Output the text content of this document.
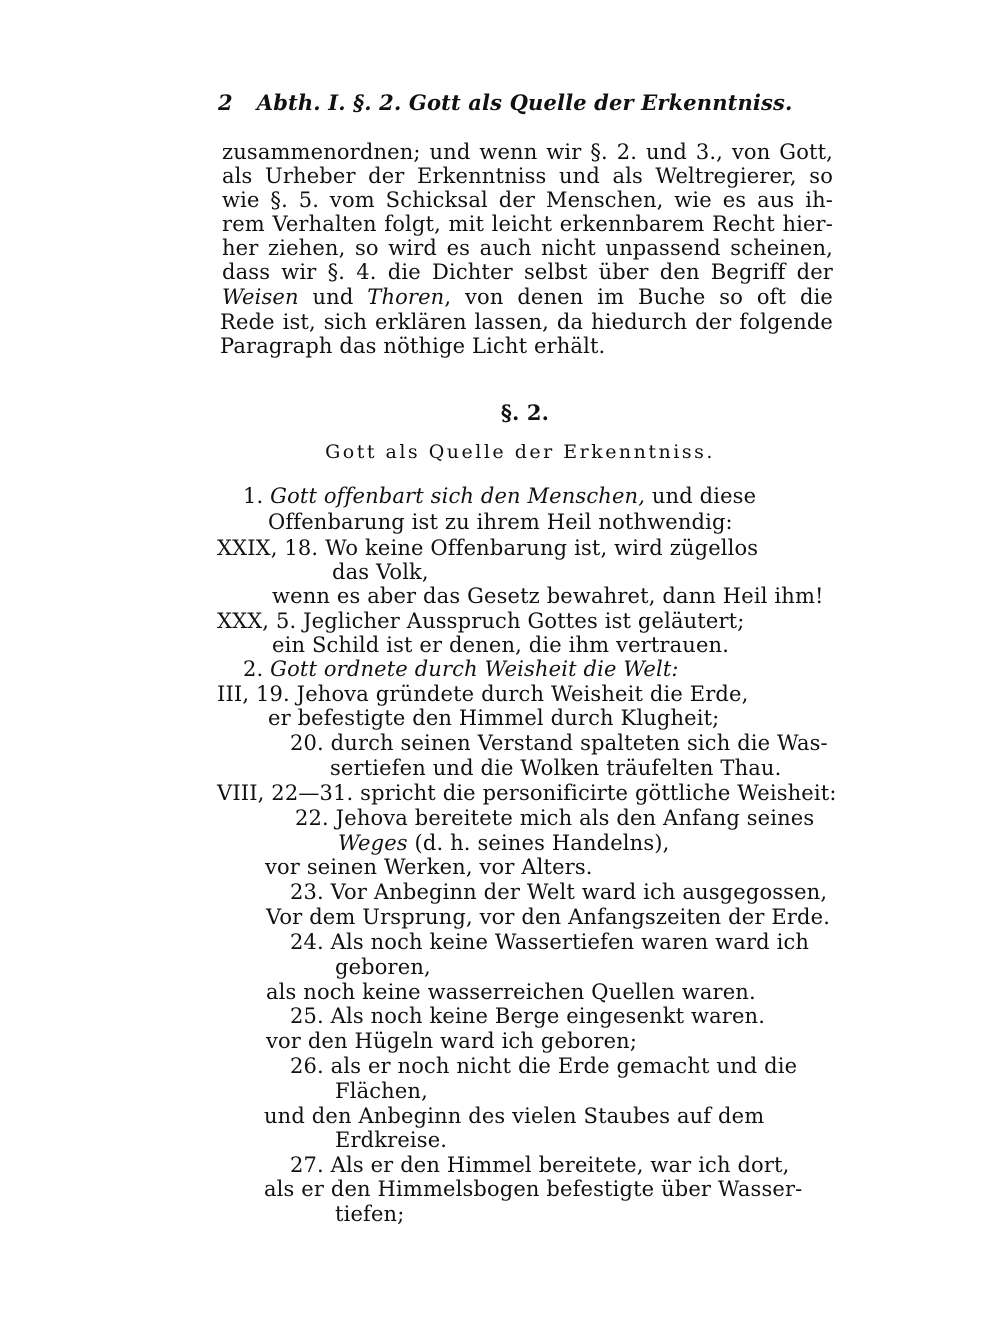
2 Abth. I. §. 2. Gott als Quelle der Erkenntniss.
zusammenordnen; und wenn wir §. 2. und 3., von Gott,
als Urheber der Erkenntniss und als Weltregierer, so
wie §. 5. vom Schicksal der Menschen, wie es aus ih-
rem Verhalten folgt, mit leicht erkennbarem Recht hier-
her ziehen, so wird es auch nicht unpassend scheinen,
dass wir §. 4. die Dichter selbst über den Begriff der
Weisen und Thoren, von denen im Buche so oft die
Rede ist, sich erklären lassen, da hiedurch der folgende
Paragraph das nöthige Licht erhält.
§. 2.
Gott als Quelle der Erkenntniss.
1. Gott offenbart sich den Menschen, und diese
Offenbarung ist zu ihrem Heil nothwendig:
XXIX, 18. Wo keine Offenbarung ist, wird zügellos
das Volk,
wenn es aber das Gesetz bewahret, dann Heil ihm!
XXX, 5. Jeglicher Ausspruch Gottes ist geläutert;
ein Schild ist er denen, die ihm vertrauen.
2. Gott ordnete durch Weisheit die Welt:
III, 19. Jehova gründete durch Weisheit die Erde,
er befestigte den Himmel durch Klugheit;
20. durch seinen Verstand spalteten sich die Was-
sertiefen und die Wolken träufelten Thau.
VIII, 22—31. spricht die personificirte göttliche Weisheit:
22. Jehova bereitete mich als den Anfang seines
Weges (d. h. seines Handelns),
vor seinen Werken, vor Alters.
23. Vor Anbeginn der Welt ward ich ausgegossen,
Vor dem Ursprung, vor den Anfangszeiten der Erde.
24. Als noch keine Wassertiefen waren ward ich
geboren,
als noch keine wasserreichen Quellen waren.
25. Als noch keine Berge eingesenkt waren.
vor den Hügeln ward ich geboren;
26. als er noch nicht die Erde gemacht und die
Flächen,
und den Anbeginn des vielen Staubes auf dem
Erdkreise.
27. Als er den Himmel bereitete, war ich dort,
als er den Himmelsbogen befestigte über Wasser-
tiefen;
